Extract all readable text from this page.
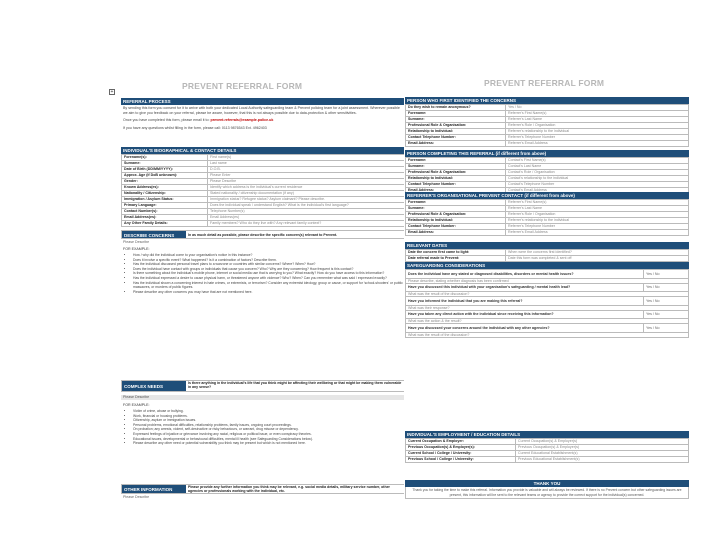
PREVENT REFERRAL FORM
+
REFERRAL PROCESS
By sending this form you consent for it to arrive with both your dedicated Local Authority safeguarding team & Prevent policing team for a joint assessment. Wherever possible we aim to give you feedback on your referral, please be aware, however, that this is not always possible due to data-protection & other sensitivities.
Once you have completed this form, please email it to: prevent.referrals@example.police.uk
If you have any questions whilst filling in the form, please call: 0113 9876543 Ext. 4962403
INDIVIDUAL'S BIOGRAPHICAL & CONTACT DETAILS
Forename(s):	First name(s)
Surname:	Last name
Date of Birth (DD/MM/YYYY):	D.O.B.
Approx. Age (if DoB unknown):	Please Enter
Gender:	Please Describe
Known Address(es):	Identify which address is the individual's current residence
Nationality / Citizenship:	Stated nationality / citizenship documentation (if any)
Immigration / Asylum Status:	Immigration status? Refugee status? Asylum claimant? Please describe.
Primary Language:	Does the individual speak / understand English? What is the individual's first language?
Contact Number(s):	Telephone Number(s)
Email Address(es):	Email Address(es)
Any Other Family Details:	Family members? Who do they live with? Any relevant family context?
DESCRIBE CONCERNS	In as much detail as possible, please describe the specific concern(s) relevant to Prevent.
Please Describe
FOR EXAMPLE:
• How / why did the individual come to your organisation's notice in this instance?
• Does it involve a specific event? What happened? Is it a combination of factors? Describe them.
• Has the individual discussed personal travel plans to a warzone or countries with similar concerns? Where? When? How?
• Does the individual have contact with groups or individuals that cause you concern? Who? Why are they concerning? How frequent is this contact?
• Is there something about the individual's mobile phone, internet or social media use that is worrying to you? What exactly? How do you have access to this information?
• Has the individual expressed a desire to cause physical harm, or threatened anyone with violence? Who? When? Can you remember what was said / expressed exactly?
• Has the individual shown a concerning interest in hate crimes, or extremists, or terrorism? Consider any extremist ideology, group or cause, or support for 'school-shooters' or public massacres, or murders of public figures.
• Please describe any other concerns you may have that are not mentioned here.
COMPLEX NEEDS
Is there anything in the individual's life that you think might be affecting their wellbeing or that might be making them vulnerable in any sense?
Please Describe
FOR EXAMPLE:
• Victim of crime, abuse or bullying.
• Work, financial or housing problems.
• Citizenship, asylum or immigration issues.
• Personal problems, emotional difficulties, relationship problems, family issues, ongoing court proceedings.
• On probation; any arrests, violent, self-destructive or risky behaviours, or warrant, drug misuse or dependency.
• Expressed feelings of injustice or grievance involving any racial, religious or political issue, or even conspiracy theories.
• Educational issues, developmental or behavioural difficulties, mental ill health (see Safeguarding Considerations below).
• Please describe any other need or potential vulnerability you think may be present but which is not mentioned here.
OTHER INFORMATION	Please provide any further information you think may be relevant, e.g. social media details, military service number, other agencies or professionals working with the individual, etc.
Please Describe
PREVENT REFERRAL FORM
PERSON WHO FIRST IDENTIFIED THE CONCERNS
Do they wish to remain anonymous?	Yes / No
Forename:	Referrer's First Name(s)
Surname:	Referrer's Last Name
Professional Role & Organisation:	Referrer's Role / Organisation
Relationship to Individual:	Referrer's relationship to the individual
Contact Telephone Number:	Referrer's Telephone Number
Email Address:	Referrer's Email Address
PERSON COMPLETING THIS REFERRAL (if different from above)
Forename:	Contact's First Name(s)
Surname:	Contact's Last Name
Professional Role & Organisation:	Contact's Role / Organisation
Relationship to Individual:	Contact's relationship to the individual
Contact Telephone Number:	Contact's Telephone Number
Email Address:	Contact's Email Address
REFERRER'S ORGANISATIONAL PREVENT CONTACT (if different from above)
Forename:	Referrer's First Name(s)
Surname:	Referrer's Last Name
Professional Role & Organisation:	Referrer's Role / Organisation
Relationship to Individual:	Referrer's relationship to the individual
Contact Telephone Number:	Referrer's Telephone Number
Email Address:	Referrer's Email Address
RELEVANT DATES
Date the concern first came to light:	When were the concerns first identified?
Date referral made to Prevent:	Date this form was completed & sent off
SAFEGUARDING CONSIDERATIONS
Does the individual have any stated or diagnosed disabilities, disorders or mental health issues?	Yes / No
Please describe, stating whether diagnosis has been confirmed	
Have you discussed this individual with your organisation's safeguarding / mental health lead?	Yes / No
What was the result of the discussion?	
Have you informed the individual that you are making this referral?	Yes / No
What was their response?	
Have you taken any direct action with the individual since receiving this information?	Yes / No
What was the action & the result?	
Have you discussed your concerns around the individual with any other agencies?	Yes / No
What was the result of the discussion?	
INDIVIDUAL'S EMPLOYMENT / EDUCATION DETAILS
Current Occupation & Employer:	Current Occupation(s) & Employer(s)
Previous Occupation(s) & Employer(s):	Previous Occupation(s) & Employer(s)
Current School / College / University:	Current Educational Establishment(s)
Previous School / College / University:	Previous Educational Establishment(s)
THANK YOU
Thank you for taking the time to make this referral. Information you provide is valuable and will always be reviewed. If there is no Prevent concern but other safeguarding issues are present, this information will be sent to the relevant teams or agency to provide the correct support for the individual(s) concerned.
